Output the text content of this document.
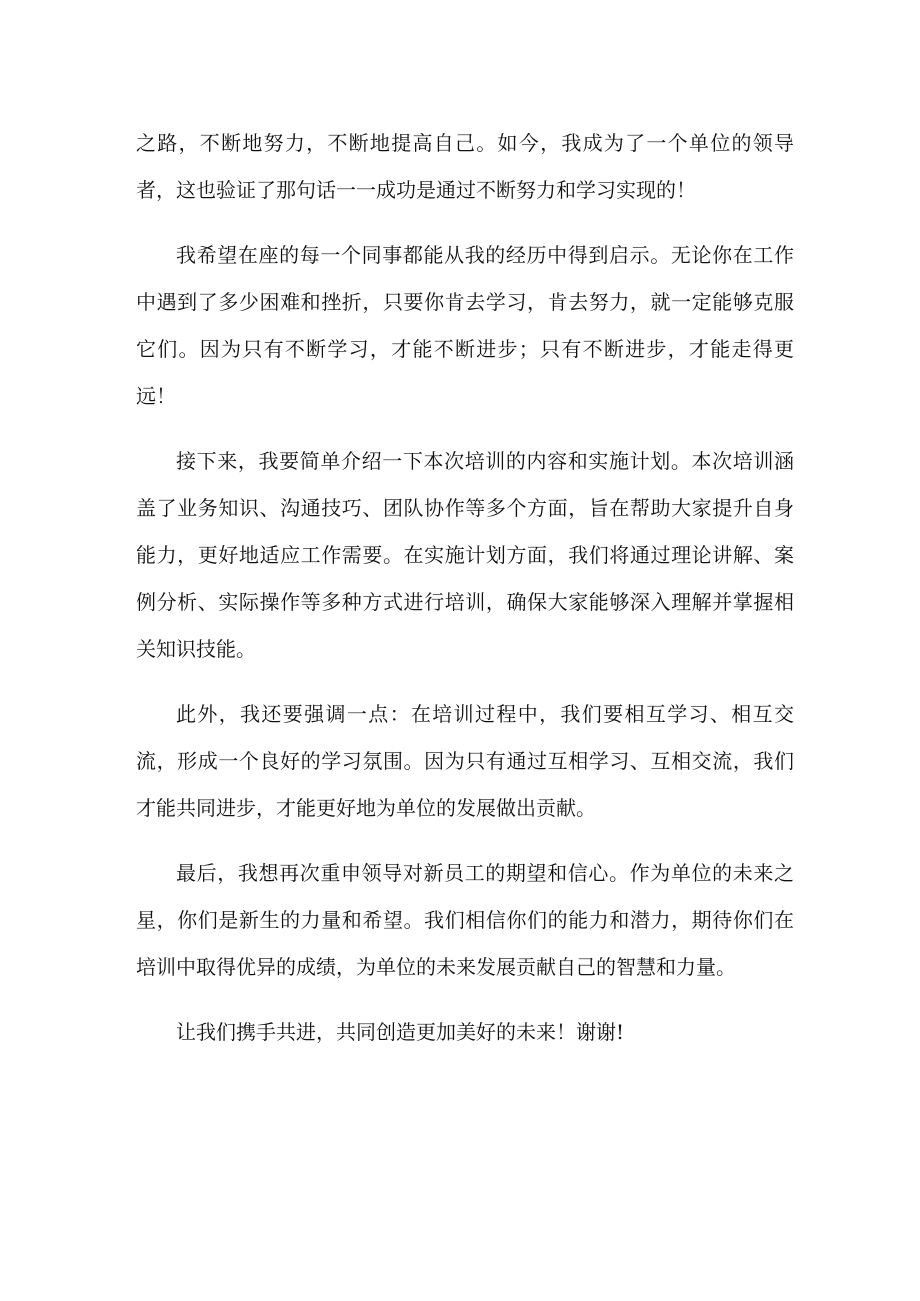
之路，不断地努力，不断地提高自己。如今，我成为了一个单位的领导者，这也验证了那句话一一成功是通过不断努力和学习实现的！

我希望在座的每一个同事都能从我的经历中得到启示。无论你在工作中遇到了多少困难和挫折，只要你肯去学习，肯去努力，就一定能够克服它们。因为只有不断学习，才能不断进步；只有不断进步，才能走得更远！

接下来，我要简单介绍一下本次培训的内容和实施计划。本次培训涵盖了业务知识、沟通技巧、团队协作等多个方面，旨在帮助大家提升自身能力，更好地适应工作需要。在实施计划方面，我们将通过理论讲解、案例分析、实际操作等多种方式进行培训，确保大家能够深入理解并掌握相关知识技能。

此外，我还要强调一点：在培训过程中，我们要相互学习、相互交流，形成一个良好的学习氛围。因为只有通过互相学习、互相交流，我们才能共同进步，才能更好地为单位的发展做出贡献。

最后，我想再次重申领导对新员工的期望和信心。作为单位的未来之星，你们是新生的力量和希望。我们相信你们的能力和潜力，期待你们在培训中取得优异的成绩，为单位的未来发展贡献自己的智慧和力量。

让我们携手共进，共同创造更加美好的未来！谢谢!
